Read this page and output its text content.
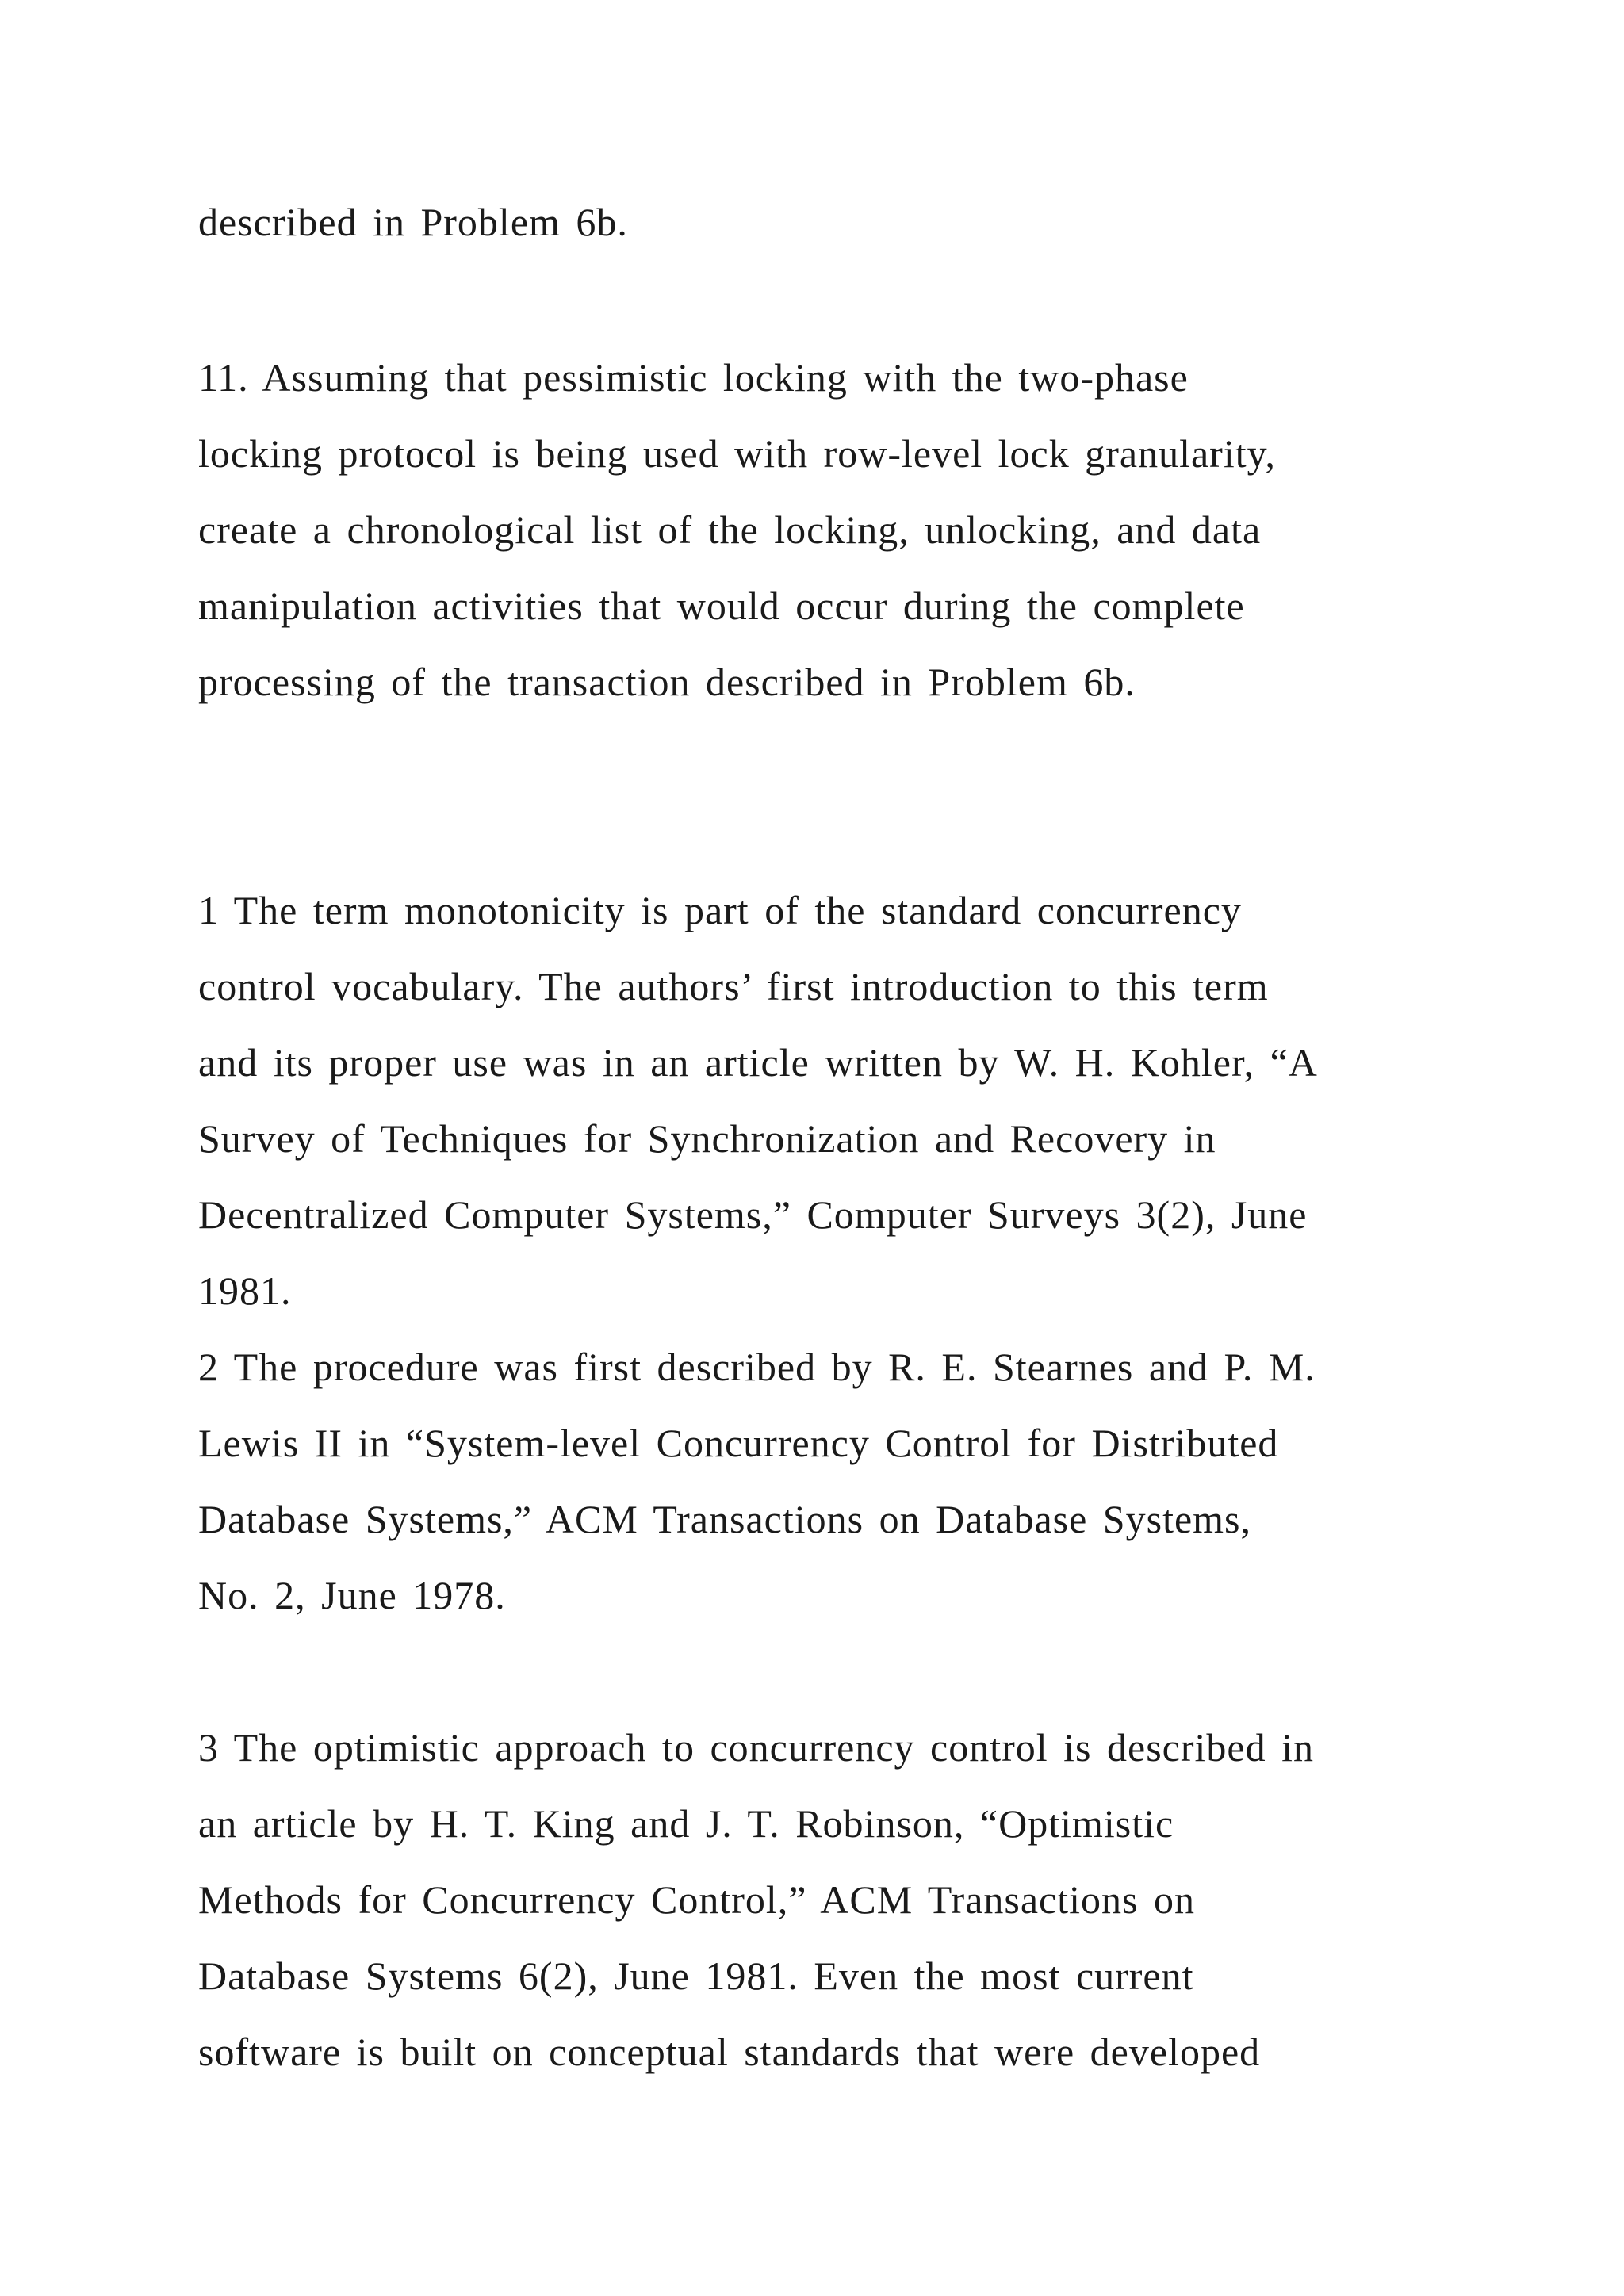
described in Problem 6b.
11. Assuming that pessimistic locking with the two-phase
locking protocol is being used with row-level lock granularity,
create a chronological list of the locking, unlocking, and data
manipulation activities that would occur during the complete
processing of the transaction described in Problem 6b.
1 The term monotonicity is part of the standard concurrency
control vocabulary. The authors’ first introduction to this term
and its proper use was in an article written by W. H. Kohler, “A
Survey of Techniques for Synchronization and Recovery in
Decentralized Computer Systems,” Computer Surveys 3(2), June
1981.
2 The procedure was first described by R. E. Stearnes and P. M.
Lewis II in “System-level Concurrency Control for Distributed
Database Systems,” ACM Transactions on Database Systems,
No. 2, June 1978.
3 The optimistic approach to concurrency control is described in
an article by H. T. King and J. T. Robinson, “Optimistic
Methods for Concurrency Control,” ACM Transactions on
Database Systems 6(2), June 1981. Even the most current
software is built on conceptual standards that were developed
